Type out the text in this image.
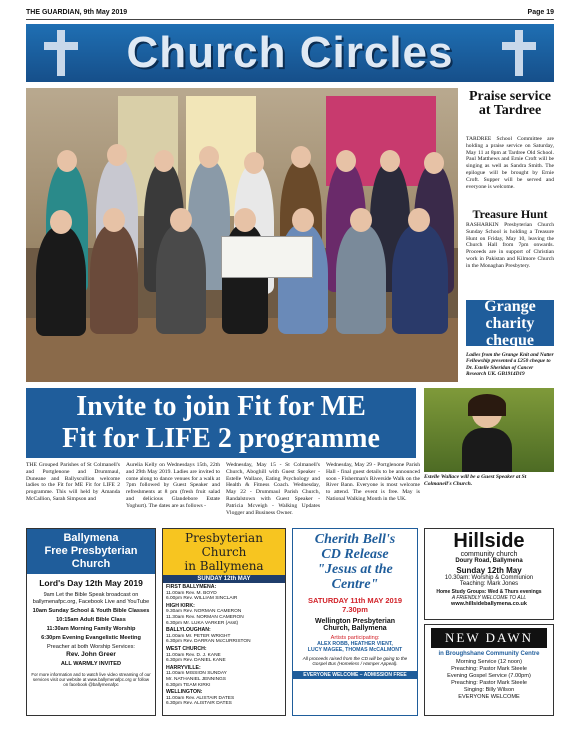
THE GUARDIAN, 9th May 2019	Page 19
Church Circles
Praise service at Tardree
TARDREE School Committee are holding a praise service on Saturday, May 11 at 8pm at Tardree Old School. Paul Matthews and Ernie Croft will be singing as well as Sandra Smith. The epilogue will be brought by Ernie Croft. Supper will be served and everyone is welcome.
Treasure Hunt
RASHARKIN Presbyterian Church Sunday School is holding a Treasure Hunt on Friday, May 10, leaving the Church Hall from 7pm onwards. Proceeds are in support of Christian work in Pakistan and Kilmore Church in the Monaghan Presbytery.
Grange
charity
cheque
Ladies from the Grange Knit and Natter Fellowship presented a £250 cheque to Dr. Estelle Sheridan of Cancer Research UK. GB1914D19
Invite to join Fit for ME
Fit for LIFE 2 programme
Estelle Wallace will be a Guest Speaker at St Colmanell's Church.
THE Grouped Parishes of St Colmanell's and Portglenone and Drummaul, Duneane and Ballyscullion welcome ladies to the Fit for ME Fit for LIFE 2 programme. This will held by Amanda McCallion, Sarah Simpson and
Aurelia Kelly on Wednesdays 15th, 22th and 29th May 2019. Ladies are invited to come along to dance venues for a walk at 7pm followed by Guest Speaker and refreshments at 8 pm (fresh fruit salad and delicious Glandebore Estate Yoghurt). The dates are as follows -
Wednesday, May 15 - St Colmanell's Church, Aboghill with Guest Speaker - Estelle Wallace, Eating Psychology and Health & Fitness Coach. Wednesday, May 22 - Drummaul Parish Church, Randalstown with Guest Speaker - Patricia Mcveigh - Walking Updates Vlogger and Business Owner.
Wednesday, May 29 - Portglenone Parish Hall - final guest details to be announced soon - Fisherman's Riverside Walk on the River Bann. Everyone is most welcome to attend. The event is free. May is National Walking Month in the UK.
Ballymena
Free Presbyterian
Church
Lord's Day 12th May 2019
9am Let the Bible Speak broadcast on ballymenafpc.org, Facebook Live and YouTube
10am Sunday School & Youth Bible Classes
10:15am Adult Bible Class
11:30am Morning Family Worship
6:30pm Evening Evangelistic Meeting
Preacher at both Worship Services:
Rev. John Greer
ALL WARMLY INVITED
For more information and to watch live video streaming of our services visit our website at www.ballymenafpc.org or follow on facebook @ballymenafpc
Presbyterian Church
in Ballymena
SUNDAY 12th MAY
FIRST BALLYMENA:
11.00am Rev. M. BOYD
6.00pm Rev. WILLIAM SINCLAIR
HIGH KIRK:
9.30am Rev. NORMAN CAMERON
11.30am Rev. NORMAN CAMERON
6.30pm Mr. LUKA VARKER (Asst)
BALLYLOUGHAN:
11.00am Mr. PETER WRIGHT
6.30pm Rev. DARRAN McCURRISTON
WEST CHURCH:
11.00am Rev. D. J. KANE
6.30pm Rev. DANIEL KANE
HARRYVILLE:
11.00am MISSION SUNDAY
Mr. NATHANIEL JENNINGS
6.30pm TEAM KIRKI
WELLINGTON:
11.00am Rev. ALISTAIR DATES
6.30pm Rev. ALISTAIR DATES
Cherith Bell's
CD Release
"Jesus at the
Centre"
SATURDAY 11th MAY 2019
7.30pm
Wellington Presbyterian
Church, Ballymena
Artists participating:
ALEX ROBB, HEATHER VIENT,
LUCY MAGEE, THOMAS McCALMONT
All proceeds raised from the CD will be going to the Gospel Bus (Homeless / Hamper Appeal).
EVERYONE WELCOME – ADMISSION FREE
Hillside
community church
Doury Road, Ballymena
Sunday 12th May
10.30am: Worship & Communion
Teaching: Mark Jones
Home Study Groups: Wed & Thurs evenings
A FRIENDLY WELCOME TO ALL
www.hillsideballymena.co.uk
NEW DAWN
in Broughshane Community Centre
Morning Service (12 noon)
Preaching: Pastor Mark Steele
Evening Gospel Service (7.00pm)
Preaching: Pastor Mark Steele
Singing: Billy Wilson
EVERYONE WELCOME
